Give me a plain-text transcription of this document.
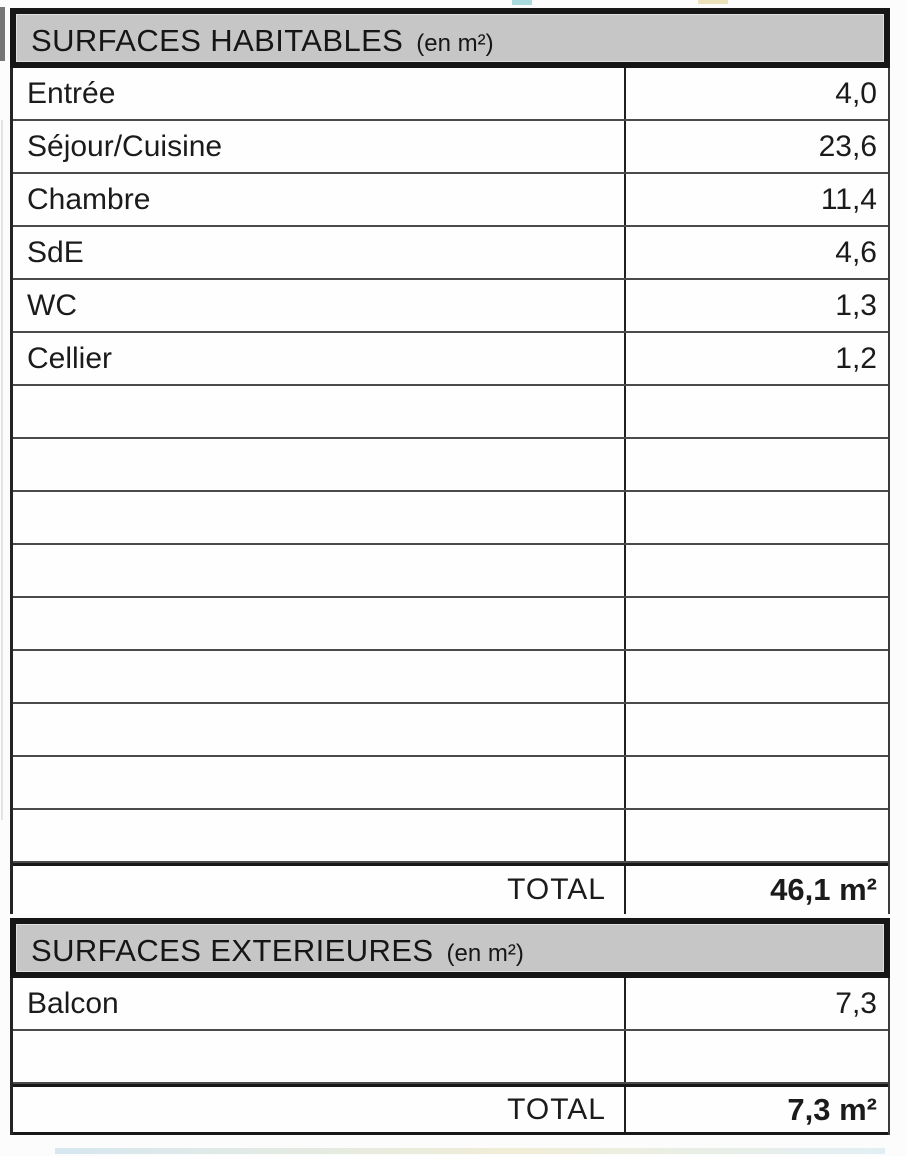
SURFACES HABITABLES (en m²)
Entrée	4,0
Séjour/Cuisine	23,6
Chambre	11,4
SdE	4,6
WC	1,3
Cellier	1,2
TOTAL	46,1 m²
SURFACES EXTERIEURES (en m²)
Balcon	7,3
TOTAL	7,3 m²
